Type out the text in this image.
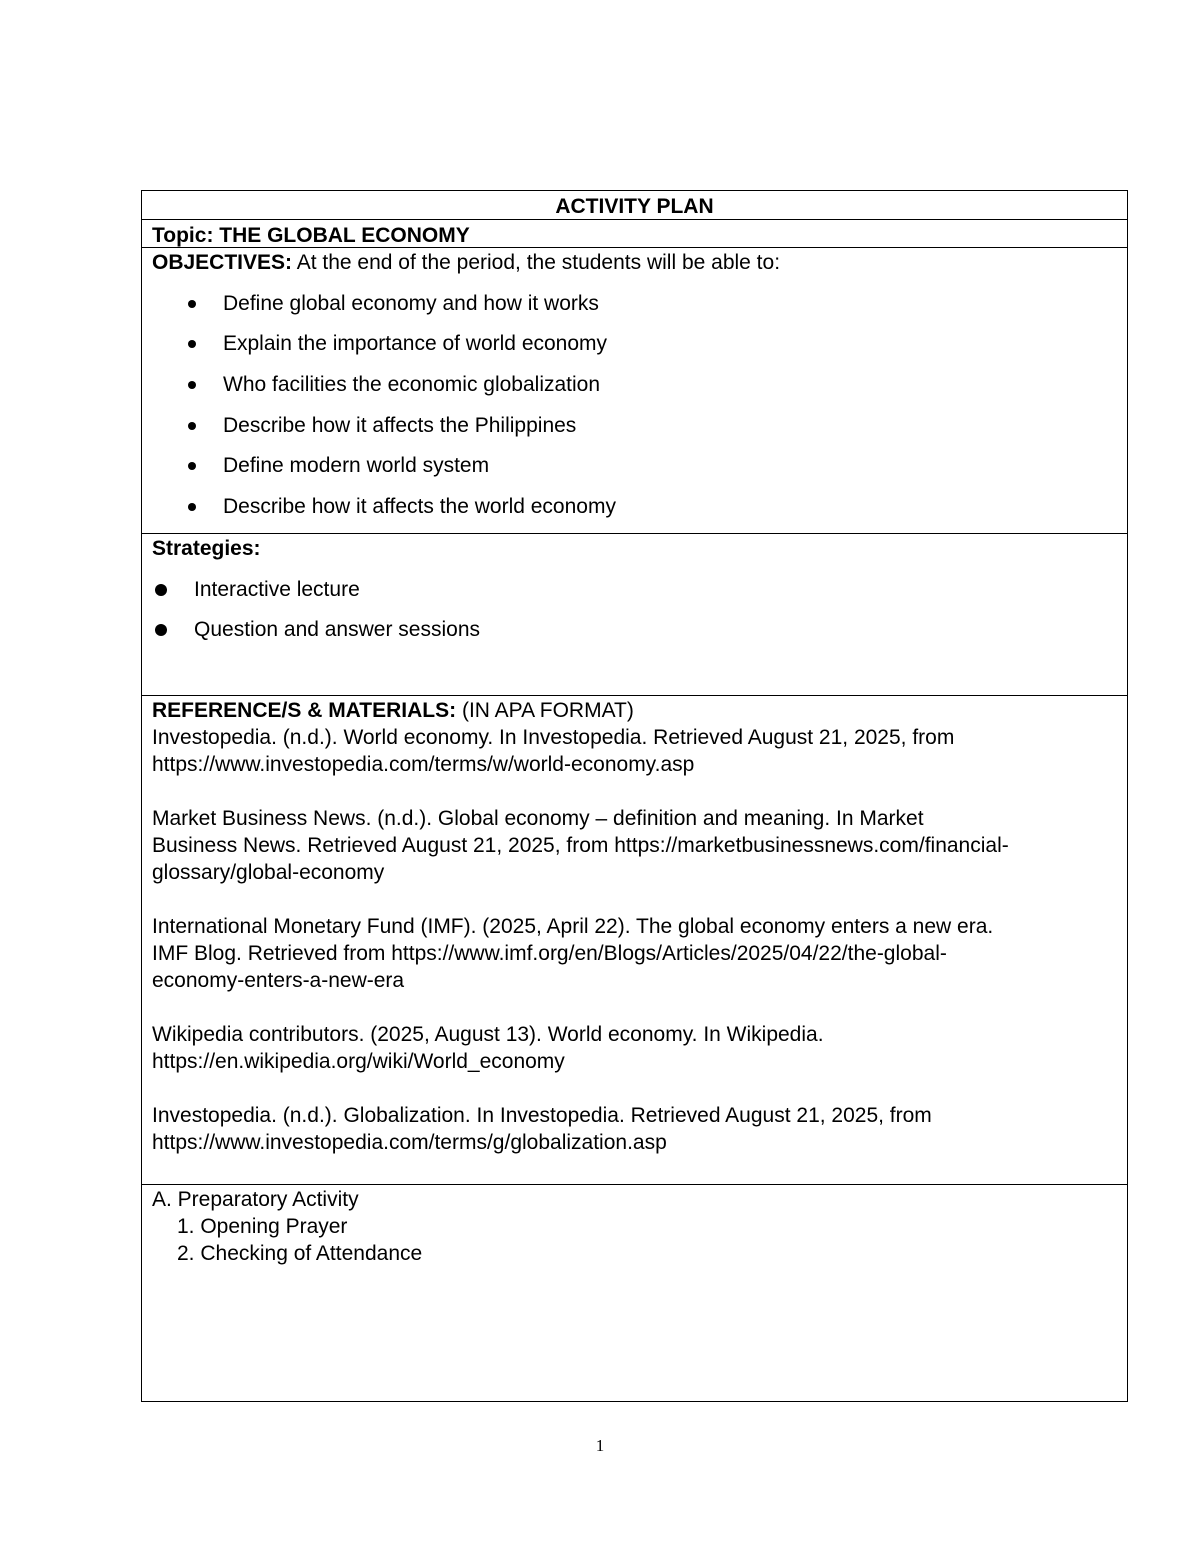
ACTIVITY PLAN
Topic: THE GLOBAL ECONOMY
OBJECTIVES: At the end of the period, the students will be able to:
Define global economy and how it works
Explain the importance of world economy
Who facilities the economic globalization
Describe how it affects the Philippines
Define modern world system
Describe how it affects the world economy
Strategies:
Interactive lecture
Question and answer sessions
REFERENCE/S & MATERIALS: (IN APA FORMAT)
Investopedia. (n.d.). World economy. In Investopedia. Retrieved August 21, 2025, from
https://www.investopedia.com/terms/w/world-economy.asp
Market Business News. (n.d.). Global economy – definition and meaning. In Market
Business News. Retrieved August 21, 2025, from https://marketbusinessnews.com/financial-
glossary/global-economy
International Monetary Fund (IMF). (2025, April 22). The global economy enters a new era.
IMF Blog. Retrieved from https://www.imf.org/en/Blogs/Articles/2025/04/22/the-global-
economy-enters-a-new-era
Wikipedia contributors. (2025, August 13). World economy. In Wikipedia.
https://en.wikipedia.org/wiki/World_economy
Investopedia. (n.d.). Globalization. In Investopedia. Retrieved August 21, 2025, from
https://www.investopedia.com/terms/g/globalization.asp
A. Preparatory Activity
1. Opening Prayer
2. Checking of Attendance
1
